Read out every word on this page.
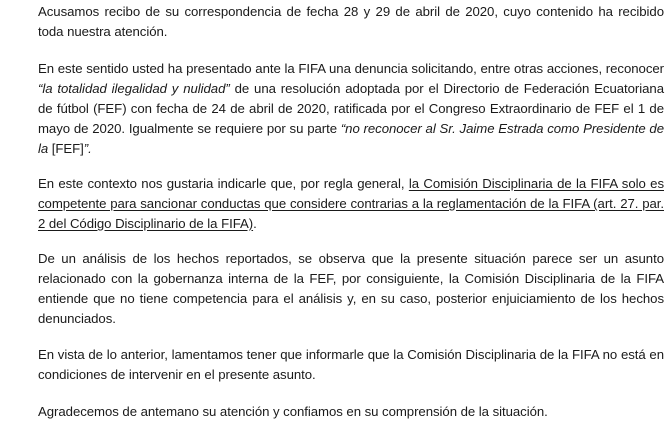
Acusamos recibo de su correspondencia de fecha 28 y 29 de abril de 2020, cuyo contenido ha recibido toda nuestra atención.

En este sentido usted ha presentado ante la FIFA una denuncia solicitando, entre otras acciones, reconocer “la totalidad ilegalidad y nulidad” de una resolución adoptada por el Directorio de Federación Ecuatoriana de fútbol (FEF) con fecha de 24 de abril de 2020, ratificada por el Congreso Extraordinario de FEF el 1 de mayo de 2020. Igualmente se requiere por su parte “no reconocer al Sr. Jaime Estrada como Presidente de la [FEF]”.

En este contexto nos gustaria indicarle que, por regla general, la Comisión Disciplinaria de la FIFA solo es competente para sancionar conductas que considere contrarias a la reglamentación de la FIFA (art. 27. par. 2 del Código Disciplinario de la FIFA).

De un análisis de los hechos reportados, se observa que la presente situación parece ser un asunto relacionado con la gobernanza interna de la FEF, por consiguiente, la Comisión Disciplinaria de la FIFA entiende que no tiene competencia para el análisis y, en su caso, posterior enjuiciamiento de los hechos denunciados.

En vista de lo anterior, lamentamos tener que informarle que la Comisión Disciplinaria de la FIFA no está en condiciones de intervenir en el presente asunto.

Agradecemos de antemano su atención y confiamos en su comprensión de la situación.
